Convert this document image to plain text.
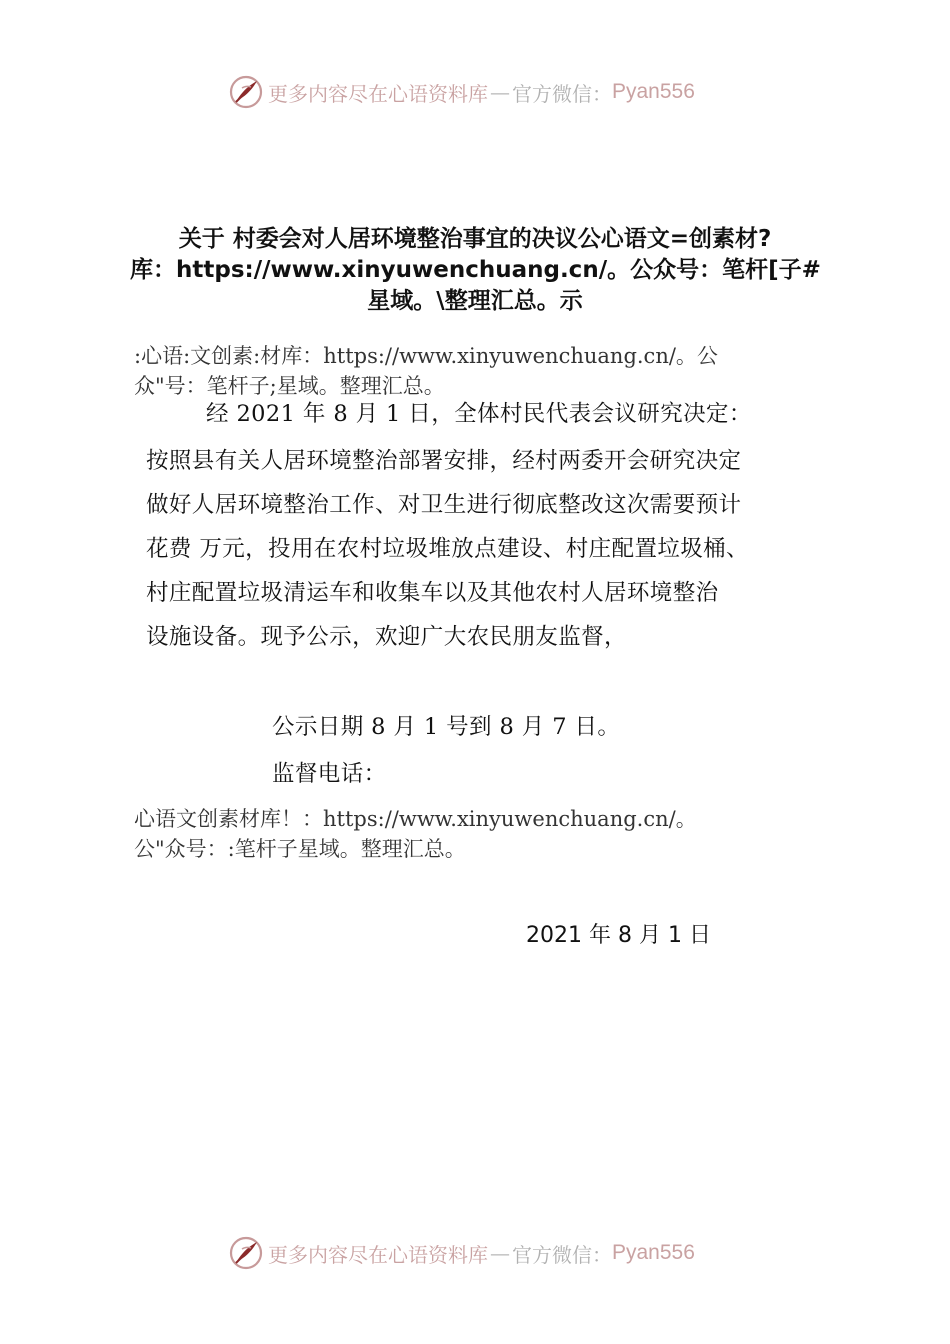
更多内容尽在心语资料库 — 官方微信： Pyan556
关于 村委会对人居环境整治事宜的决议公心语文=创素材?
库：https://www.xinyuwenchuang.cn/。公众号：笔杆[子#
星域。\整理汇总。示
:心语:文创素:材库：https://www.xinyuwenchuang.cn/。公
众"号：笔杆子;星域。整理汇总。
经 2021 年 8 月 1 日，全体村民代表会议研究决定：
按照县有关人居环境整治部署安排，经村两委开会研究决定
做好人居环境整治工作、对卫生进行彻底整改这次需要预计
花费 万元，投用在农村垃圾堆放点建设、村庄配置垃圾桶、
村庄配置垃圾清运车和收集车以及其他农村人居环境整治
设施设备。现予公示，欢迎广大农民朋友监督，
公示日期 8 月 1 号到 8 月 7 日。
监督电话：
心语文创素材库！：https://www.xinyuwenchuang.cn/。
公"众号：:笔杆子星域。整理汇总。
2021 年 8 月 1 日
更多内容尽在心语资料库 — 官方微信： Pyan556
